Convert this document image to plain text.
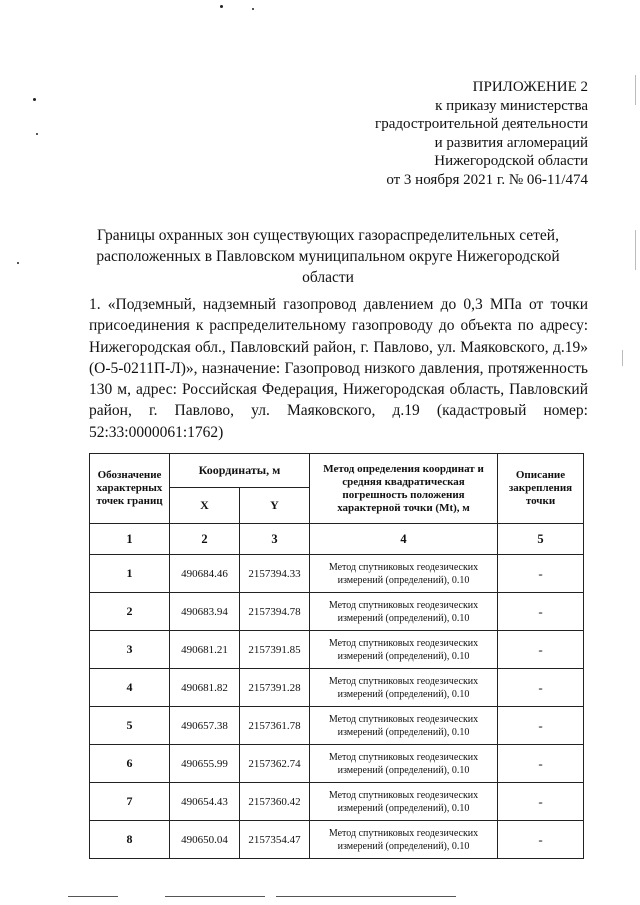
ПРИЛОЖЕНИЕ 2
к приказу министерства
градостроительной деятельности
и развития агломераций
Нижегородской области
от 3 ноября 2021 г. № 06-11/474
Границы охранных зон существующих газораспределительных сетей, расположенных в Павловском муниципальном округе Нижегородской области
1. «Подземный, надземный газопровод давлением до 0,3 МПа от точки присоединения к распределительному газопроводу до объекта по адресу: Нижегородская обл., Павловский район, г. Павлово, ул. Маяковского, д.19» (О-5-0211П-Л)», назначение: Газопровод низкого давления, протяженность 130 м, адрес: Российская Федерация, Нижегородская область, Павловский район, г. Павлово, ул. Маяковского, д.19 (кадастровый номер: 52:33:0000061:1762)
Обозначение характерных точек границ	Координаты, м		Метод определения координат и средняя квадратическая погрешность положения характерной точки (Mt), м	Описание закрепления точки
	X	Y		
1	2	3	4	5
1	490684.46	2157394.33	Метод спутниковых геодезических измерений (определений), 0.10	-
2	490683.94	2157394.78	Метод спутниковых геодезических измерений (определений), 0.10	-
3	490681.21	2157391.85	Метод спутниковых геодезических измерений (определений), 0.10	-
4	490681.82	2157391.28	Метод спутниковых геодезических измерений (определений), 0.10	-
5	490657.38	2157361.78	Метод спутниковых геодезических измерений (определений), 0.10	-
6	490655.99	2157362.74	Метод спутниковых геодезических измерений (определений), 0.10	-
7	490654.43	2157360.42	Метод спутниковых геодезических измерений (определений), 0.10	-
8	490650.04	2157354.47	Метод спутниковых геодезических измерений (определений), 0.10	-
